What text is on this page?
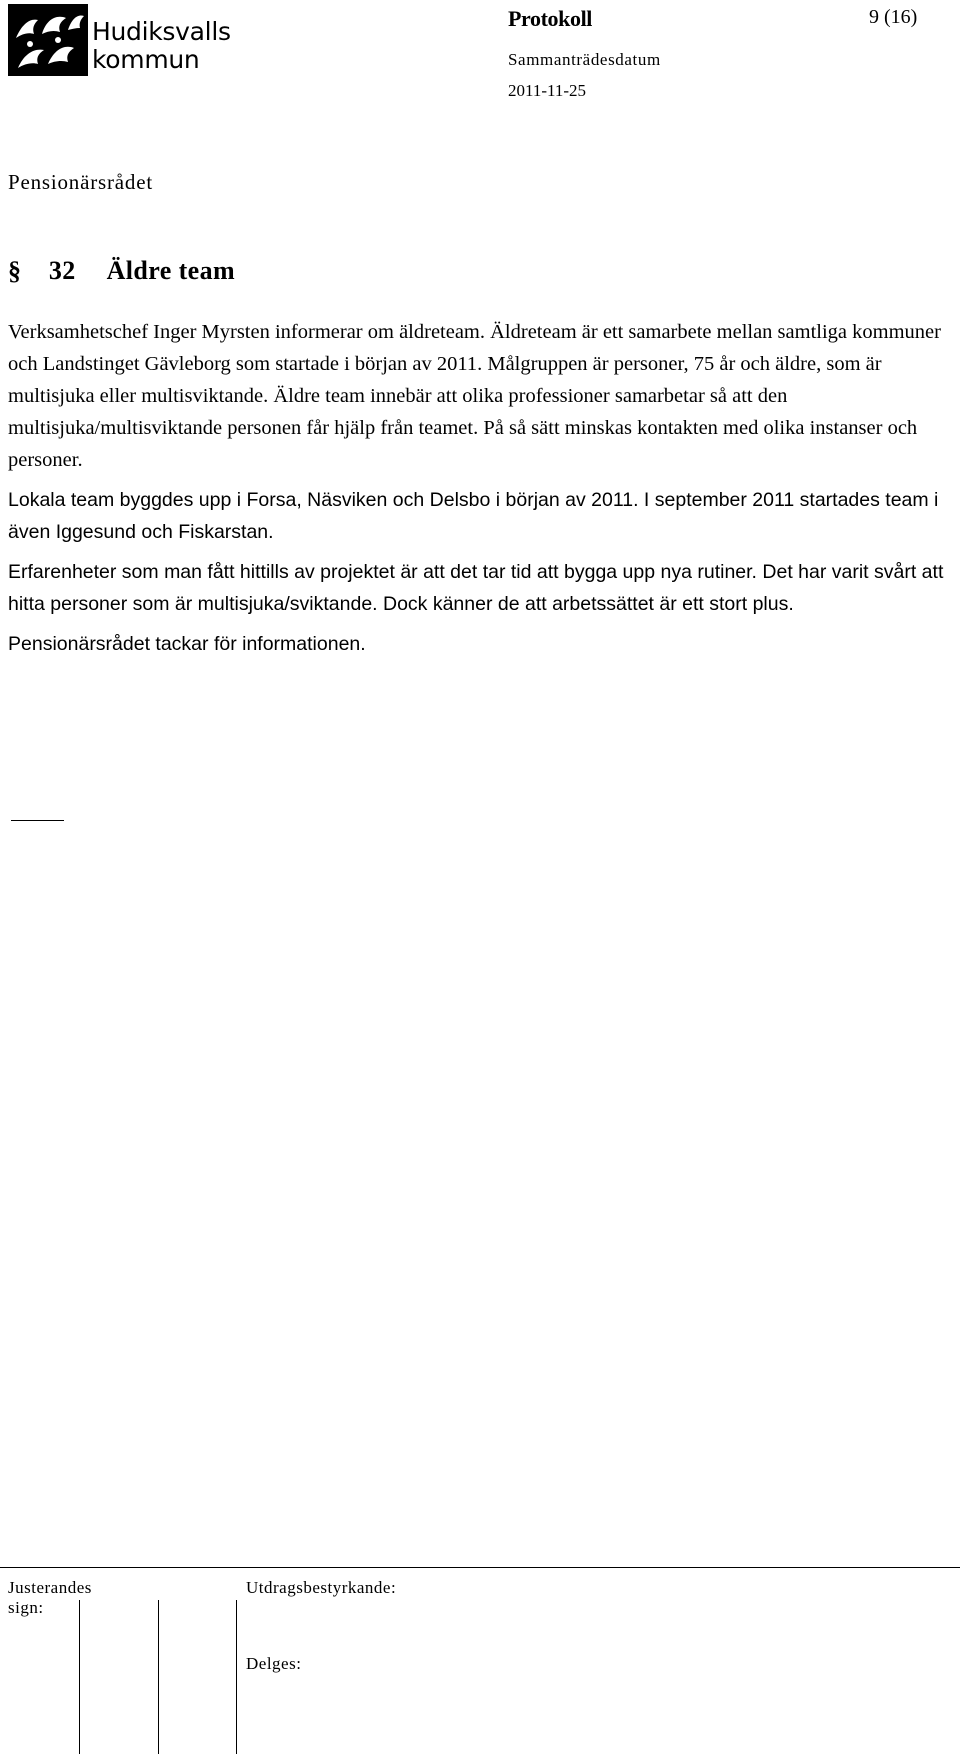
Hudiksvalls
kommun
Protokoll	9 (16)
Sammanträdesdatum
2011-11-25
Pensionärsrådet
§ 32 Äldre team

Verksamhetschef Inger Myrsten informerar om äldreteam. Äldreteam är ett samarbete mellan samtliga kommuner och Landstinget Gävleborg som startade i början av 2011. Målgruppen är personer, 75 år och äldre, som är multisjuka eller multisviktande. Äldre team innebär att olika professioner samarbetar så att den multisjuka/multisviktande personen får hjälp från teamet. På så sätt minskas kontakten med olika instanser och personer.

Lokala team byggdes upp i Forsa, Näsviken och Delsbo i början av 2011. I september 2011 startades team i även Iggesund och Fiskarstan.

Erfarenheter som man fått hittills av projektet är att det tar tid att bygga upp nya rutiner. Det har varit svårt att hitta personer som är multisjuka/sviktande. Dock känner de att arbetssättet är ett stort plus.

Pensionärsrådet tackar för informationen.

Justerandes
sign:
Utdragsbestyrkande:
Delges:
